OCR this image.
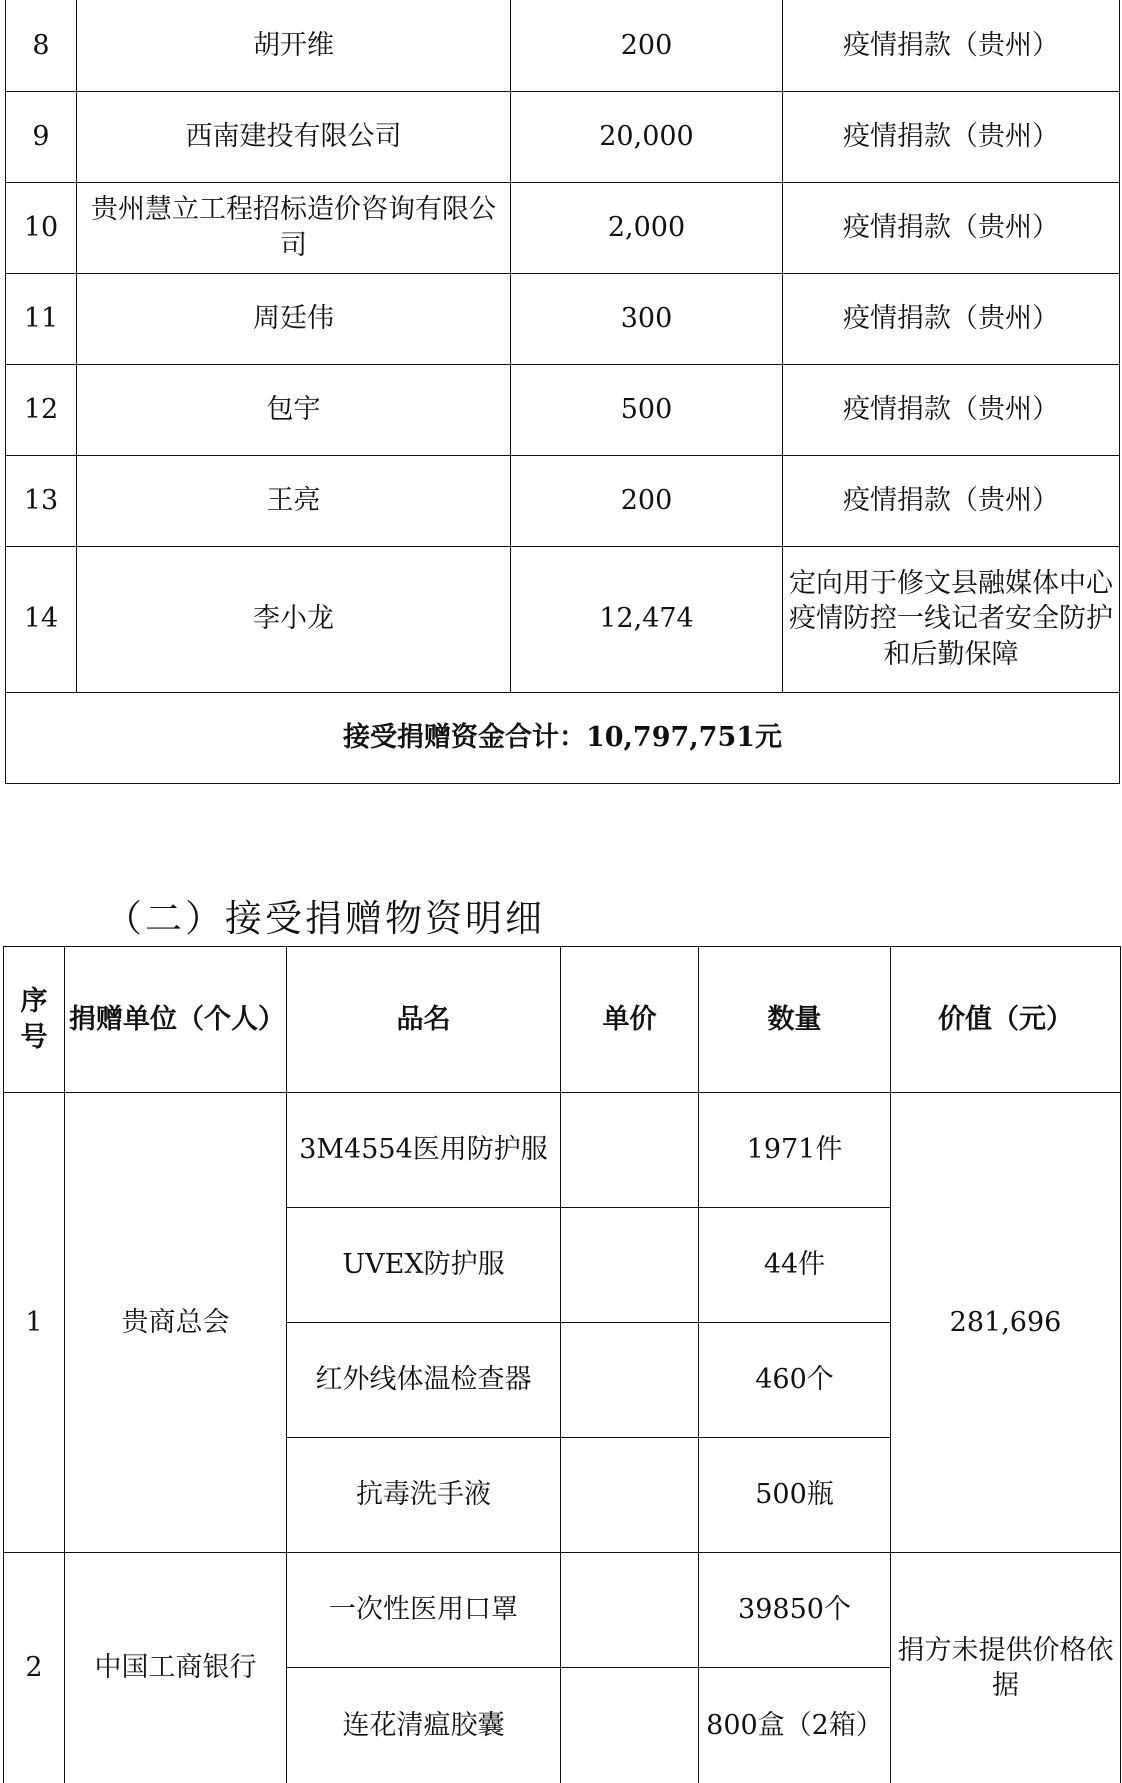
8	胡开维	200	疫情捐款（贵州）
9	西南建投有限公司	20,000	疫情捐款（贵州）
10	贵州慧立工程招标造价咨询有限公司	2,000	疫情捐款（贵州）
11	周廷伟	300	疫情捐款（贵州）
12	包宇	500	疫情捐款（贵州）
13	王亮	200	疫情捐款（贵州）
14	李小龙	12,474	定向用于修文县融媒体中心疫情防控一线记者安全防护和后勤保障
接受捐赠资金合计：10,797,751元			
（二）接受捐赠物资明细
序号	捐赠单位（个人）	品名	单价	数量	价值（元）
1	贵商总会	3M4554医用防护服		1971件	281,696
		UVEX防护服		44件	
		红外线体温检查器		460个	
		抗毒洗手液		500瓶	
2	中国工商银行	一次性医用口罩		39850个	捐方未提供价格依据
		连花清瘟胶囊		800盒（2箱）	
